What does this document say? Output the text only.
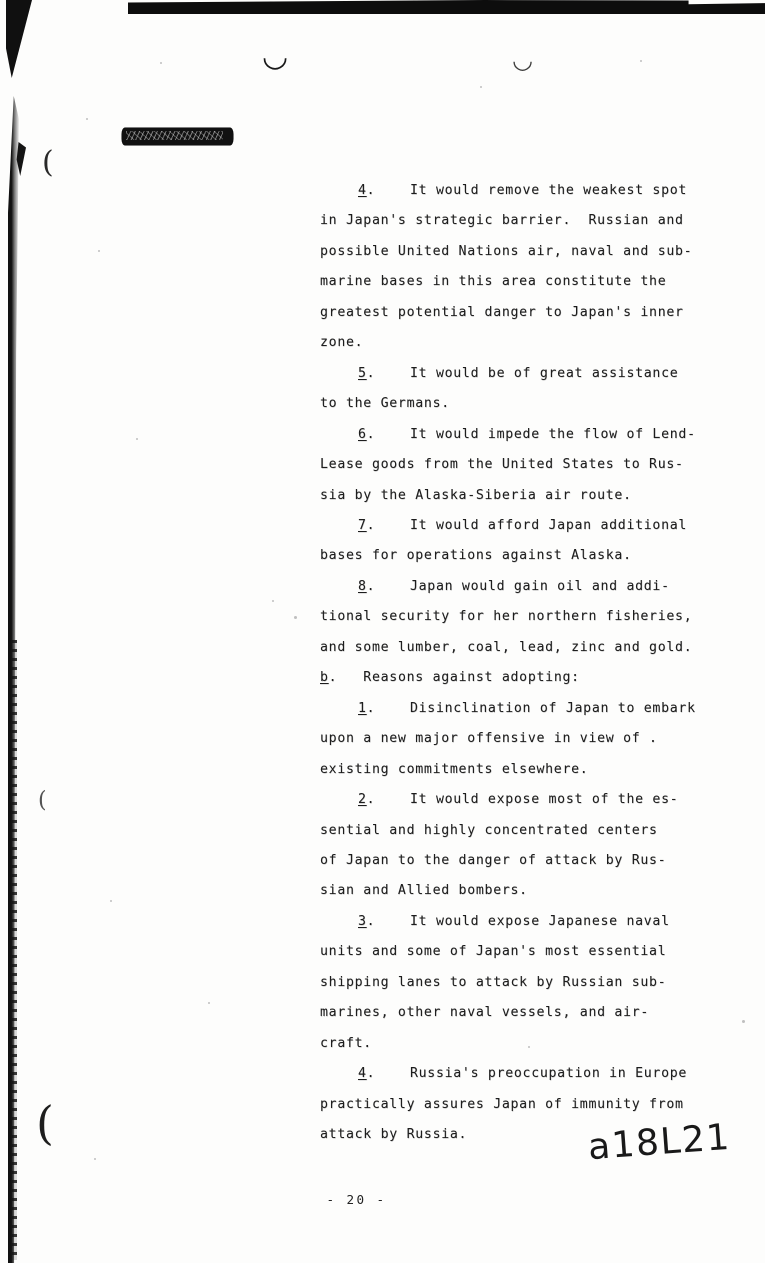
(
(
(
◡	◡
4.    It would remove the weakest spot
in Japan's strategic barrier.  Russian and
possible United Nations air, naval and sub-
marine bases in this area constitute the
greatest potential danger to Japan's inner
zone.
5.    It would be of great assistance
to the Germans.
6.    It would impede the flow of Lend-
Lease goods from the United States to Rus-
sia by the Alaska-Siberia air route.
7.    It would afford Japan additional
bases for operations against Alaska.
8.    Japan would gain oil and addi-
tional security for her northern fisheries,
and some lumber, coal, lead, zinc and gold.
b.   Reasons against adopting:
1.    Disinclination of Japan to embark
upon a new major offensive in view of .
existing commitments elsewhere.
2.    It would expose most of the es-
sential and highly concentrated centers
of Japan to the danger of attack by Rus-
sian and Allied bombers.
3.    It would expose Japanese naval
units and some of Japan's most essential
shipping lanes to attack by Russian sub-
marines, other naval vessels, and air-
craft.
4.    Russia's preoccupation in Europe
practically assures Japan of immunity from
attack by Russia.	a18L21
- 20 -
